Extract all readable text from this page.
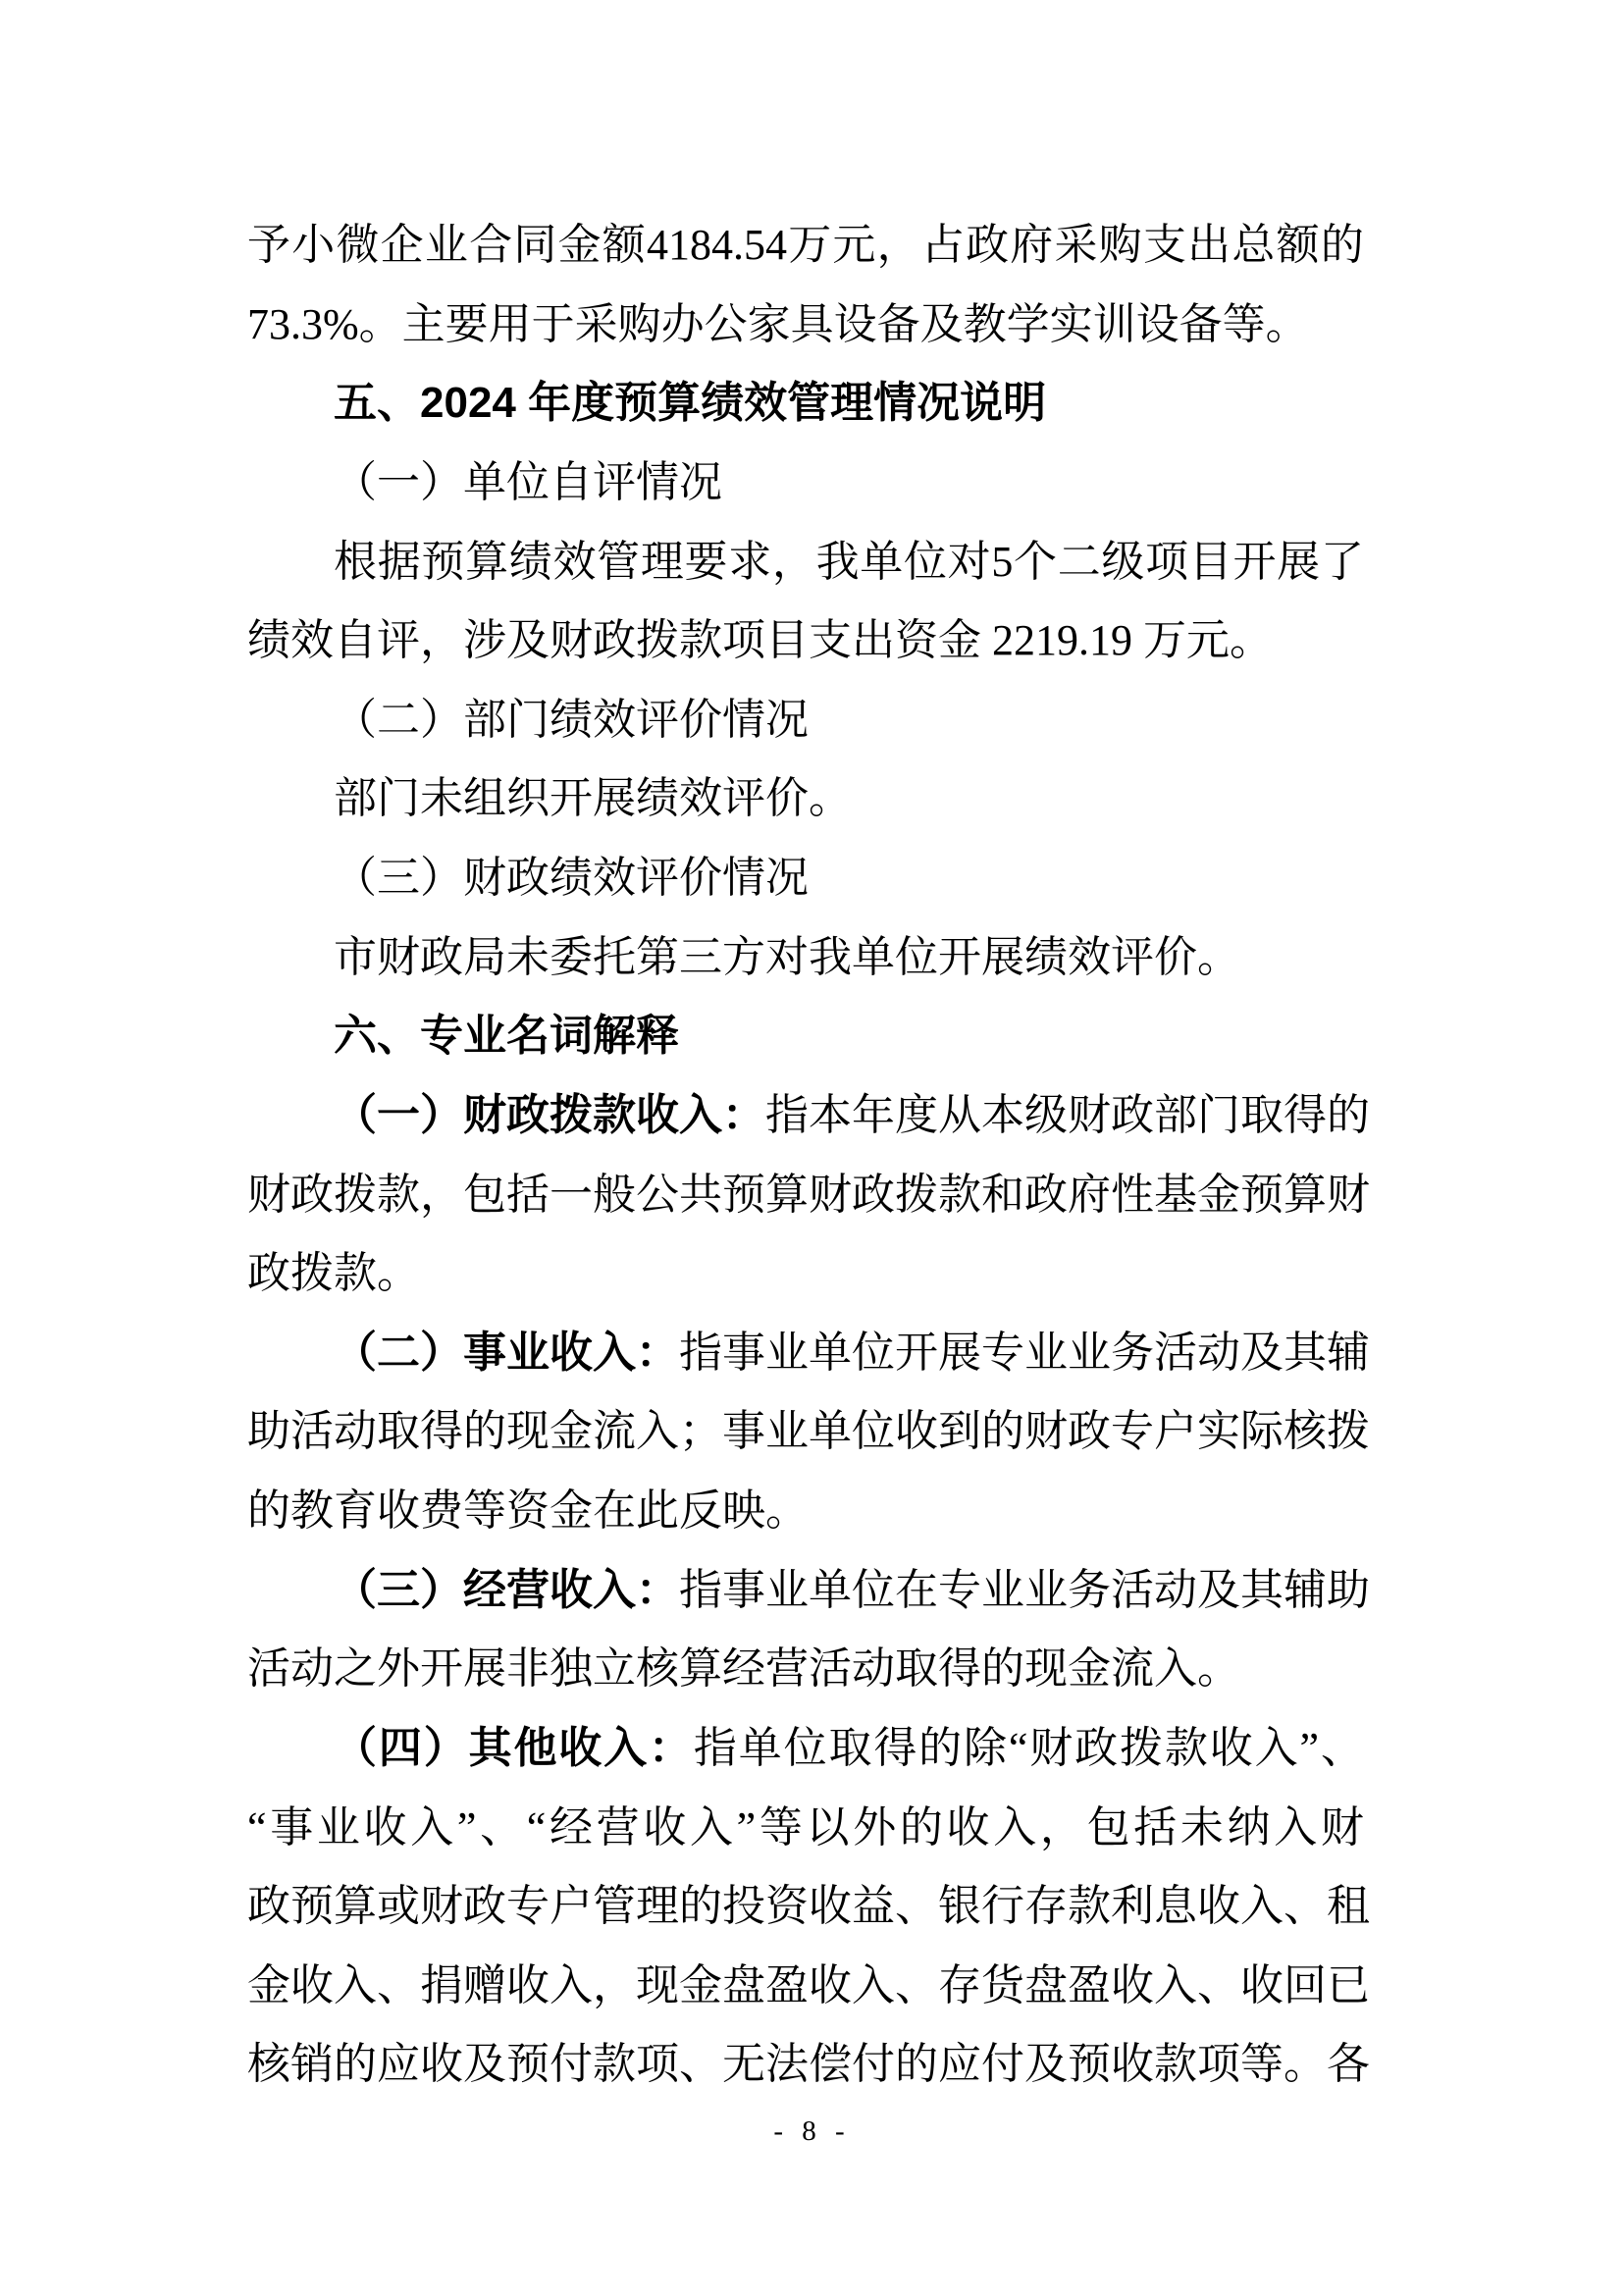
予 小 微 企 业 合 同 金 额 4184.54 万 元 ， 占 政 府 采 购 支 出 总 额 的
73.3%。主要用于采购办公家具设备及教学实训设备等。
五、2024 年度预算绩效管理情况说明
（一）单位自评情况
根 据 预 算 绩 效 管 理 要 求 ， 我 单 位 对 5 个 二 级 项 目 开 展 了
绩效自评，涉及财政拨款项目支出资金 2219.19 万元。
（二）部门绩效评价情况
部门未组织开展绩效评价。
（三）财政绩效评价情况
市财政局未委托第三方对我单位开展绩效评价。
六、专业名词解释
（ 一 ） 财 政 拨 款 收 入 ： 指 本 年 度 从 本 级 财 政 部 门 取 得 的
财 政 拨 款 ， 包 括 一 般 公 共 预 算 财 政 拨 款 和 政 府 性 基 金 预 算 财
政拨款。
（ 二 ） 事 业 收 入 ： 指 事 业 单 位 开 展 专 业 业 务 活 动 及 其 辅
助 活 动 取 得 的 现 金 流 入 ； 事 业 单 位 收 到 的 财 政 专 户 实 际 核 拨
的教育收费等资金在此反映。
（ 三 ） 经 营 收 入 ： 指 事 业 单 位 在 专 业 业 务 活 动 及 其 辅 助
活动之外开展非独立核算经营活动取得的现金流入。
（ 四 ） 其 他 收 入 ： 指 单 位 取 得 的 除 “ 财 政 拨 款 收 入 ” 、
“ 事 业 收 入 ” 、 “ 经 营 收 入 ” 等 以 外 的 收 入 ， 包 括 未 纳 入 财
政 预 算 或 财 政 专 户 管 理 的 投 资 收 益 、 银 行 存 款 利 息 收 入 、 租
金 收 入 、 捐 赠 收 入 ， 现 金 盘 盈 收 入 、 存 货 盘 盈 收 入 、 收 回 已
核 销 的 应 收 及 预 付 款 项 、 无 法 偿 付 的 应 付 及 预 收 款 项 等 。 各
- 8 -
